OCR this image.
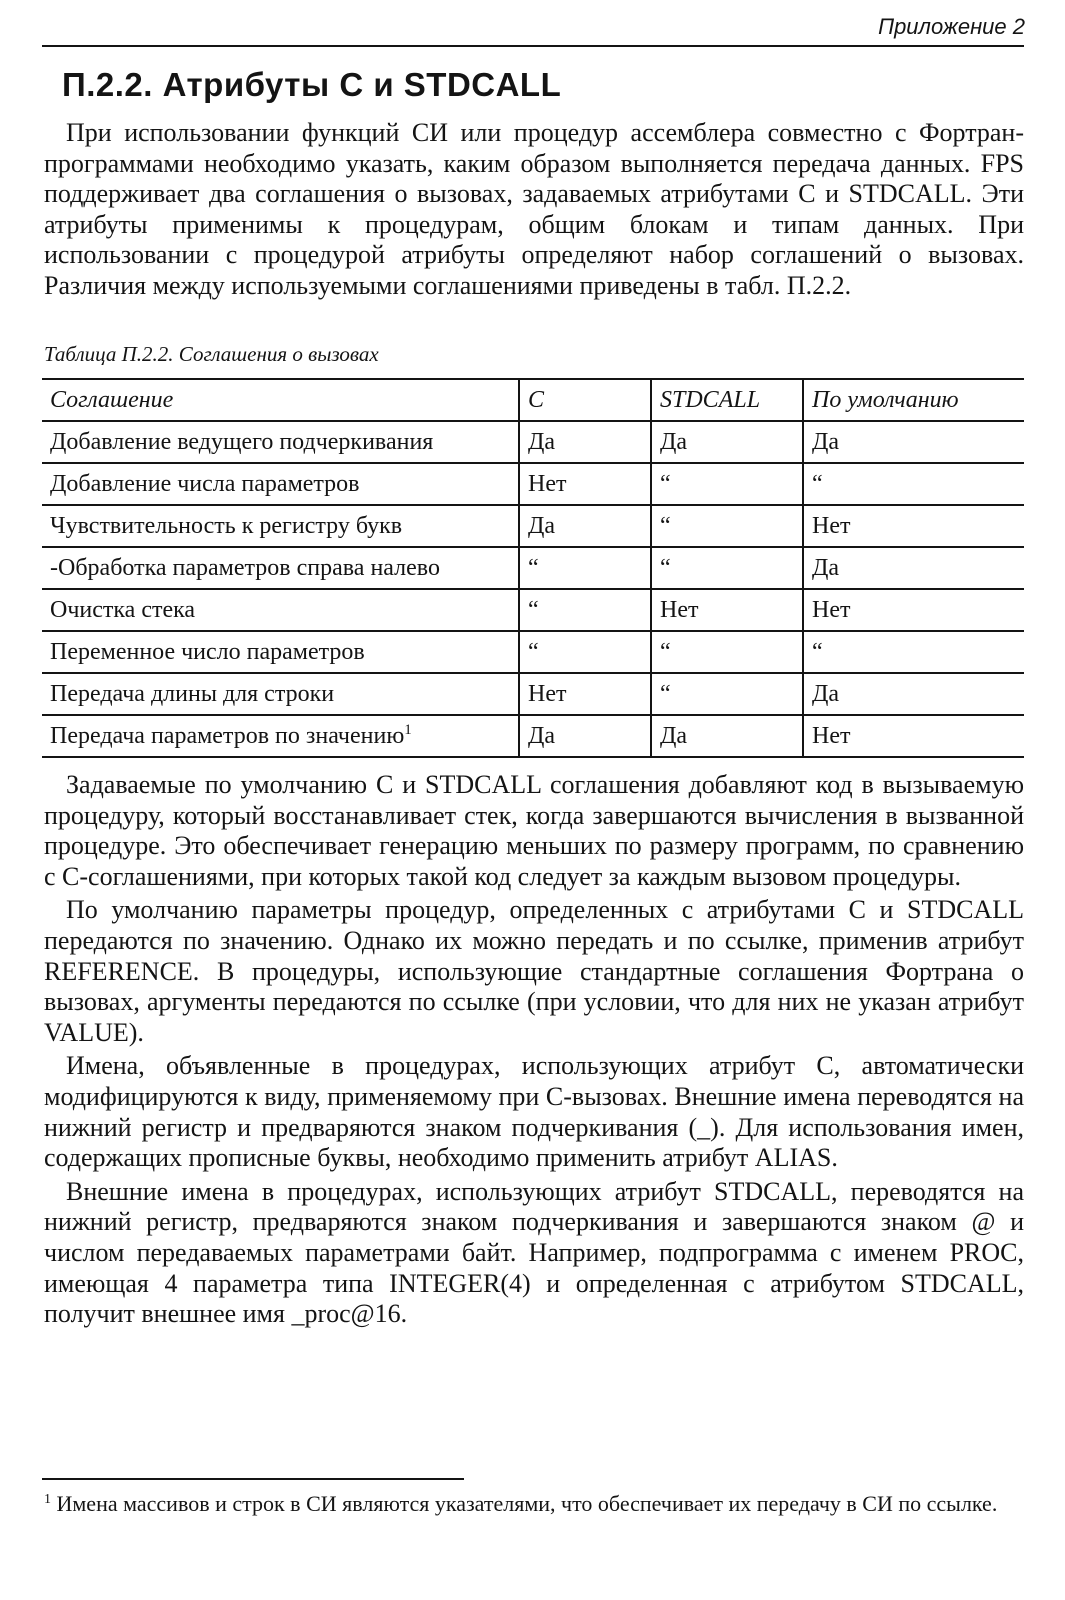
Приложение 2
П.2.2. Атрибуты С и STDCALL

При использовании функций СИ или процедур ассемблера совместно с Фортран-программами необходимо указать, каким образом выполняется передача данных. FPS поддерживает два соглашения о вызовах, задаваемых атрибутами С и STDCALL. Эти атрибуты применимы к процедурам, общим блокам и типам данных. При использовании с процедурой атрибуты определяют набор соглашений о вызовах. Различия между используемыми соглашениями приведены в табл. П.2.2.

Таблица П.2.2. Соглашения о вызовах
Соглашение	C	STDCALL	По умолчанию
Добавление ведущего подчеркивания	Да	Да	Да
Добавление числа параметров	Нет	“	“
Чувствительность к регистру букв	Да	“	Нет
-Обработка параметров справа налево	“	“	Да
Очистка стека	“	Нет	Нет
Переменное число параметров	“	“	“
Передача длины для строки	Нет	“	Да
Передача параметров по значению$^1$	Да	Да	Нет

Задаваемые по умолчанию С и STDCALL соглашения добавляют код в вызываемую процедуру, который восстанавливает стек, когда завершаются вычисления в вызванной процедуре. Это обеспечивает генерацию меньших по размеру программ, по сравнению с С-соглашениями, при которых такой код следует за каждым вызовом процедуры.

По умолчанию параметры процедур, определенных с атрибутами С и STDCALL передаются по значению. Однако их можно передать и по ссылке, применив атрибут REFERENCE. В процедуры, использующие стандартные соглашения Фортрана о вызовах, аргументы передаются по ссылке (при условии, что для них не указан атрибут VALUE).

Имена, объявленные в процедурах, использующих атрибут С, автоматически модифицируются к виду, применяемому при С-вызовах. Внешние имена переводятся на нижний регистр и предваряются знаком подчеркивания (_). Для использования имен, содержащих прописные буквы, необходимо применить атрибут ALIAS.

Внешние имена в процедурах, использующих атрибут STDCALL, переводятся на нижний регистр, предваряются знаком подчеркивания и завершаются знаком @ и числом передаваемых параметрами байт. Например, подпрограмма с именем PROC, имеющая 4 параметра типа INTEGER(4) и определенная с атрибутом STDCALL, получит внешнее имя _proc@16.

$^1$ Имена массивов и строк в СИ являются указателями, что обеспечивает их передачу в СИ по ссылке.
